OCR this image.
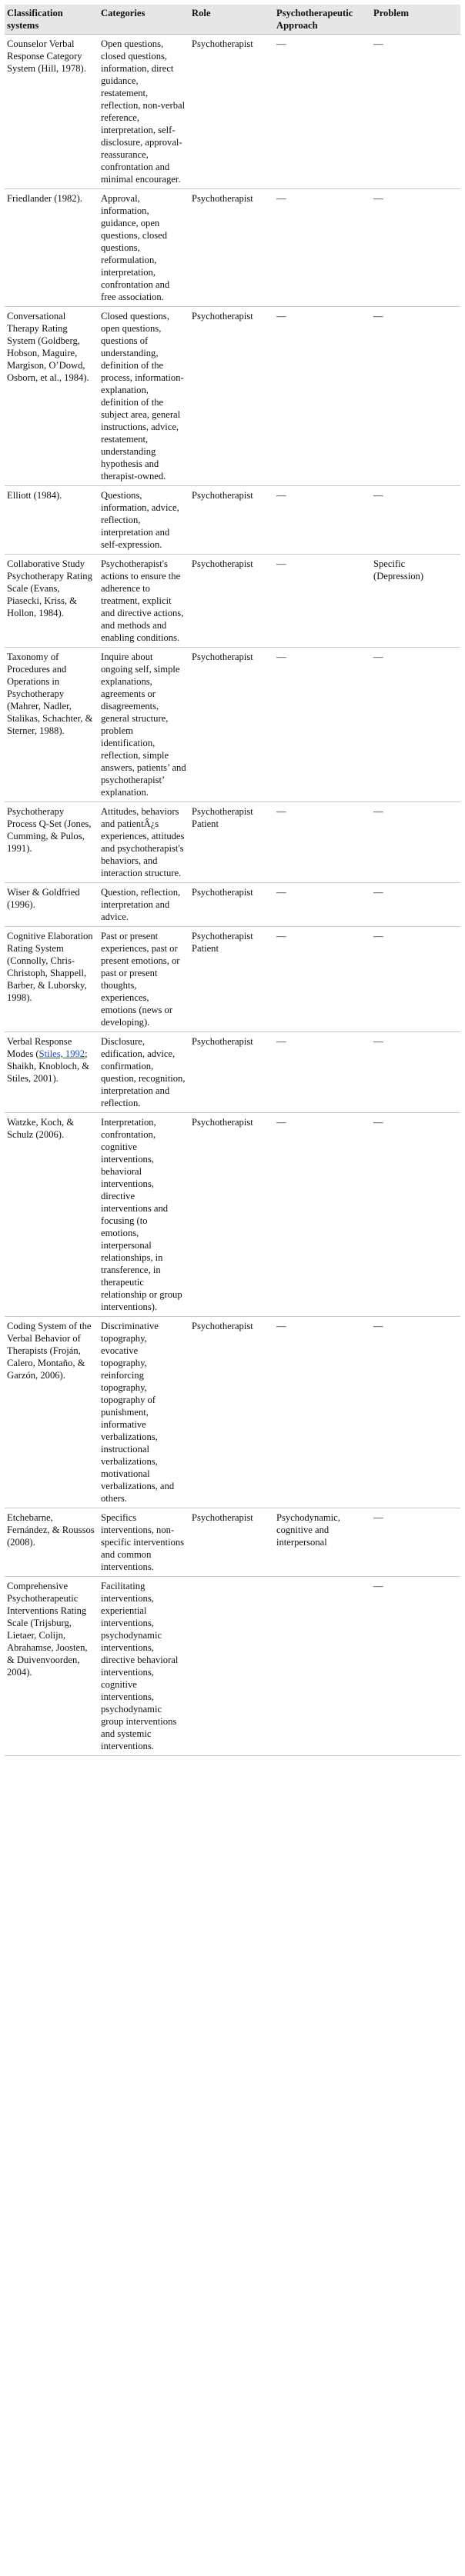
Classification systems	Categories	Role	Psychotherapeutic Approach	Problem
Counselor Verbal Response Category System (Hill, 1978).	Open questions, closed questions, information, direct guidance, restatement, reflection, non-verbal reference, interpretation, self-disclosure, approval-reassurance, confrontation and minimal encourager.	Psychotherapist	—	—
Friedlander (1982).	Approval, information, guidance, open questions, closed questions, reformulation, interpretation, confrontation and free association.	Psychotherapist	—	—
Conversational Therapy Rating System (Goldberg, Hobson, Maguire, Margison, O’Dowd, Osborn, et al., 1984).	Closed questions, open questions, questions of understanding, definition of the process, information-explanation, definition of the subject area, general instructions, advice, restatement, understanding hypothesis and therapist-owned.	Psychotherapist	—	—
Elliott (1984).	Questions, information, advice, reflection, interpretation and self-expression.	Psychotherapist	—	—
Collaborative Study Psychotherapy Rating Scale (Evans, Piasecki, Kriss, & Hollon, 1984).	Psychotherapist's actions to ensure the adherence to treatment, explicit and directive actions, and methods and enabling conditions.	Psychotherapist	—	Specific (Depression)
Taxonomy of Procedures and Operations in Psychotherapy (Mahrer, Nadler, Stalikas, Schachter, & Sterner, 1988).	Inquire about ongoing self, simple explanations, agreements or disagreements, general structure, problem identification, reflection, simple answers, patients’ and psychotherapist’ explanation.	Psychotherapist	—	—
Psychotherapy Process Q-Set (Jones, Cumming, & Pulos, 1991).	Attitudes, behaviors and patientÂ¿s experiences, attitudes and psychotherapist's behaviors, and interaction structure.	Psychotherapist Patient	—	—
Wiser & Goldfried (1996).	Question, reflection, interpretation and advice.	Psychotherapist	—	—
Cognitive Elaboration Rating System (Connolly, Chris-Christoph, Shappell, Barber, & Luborsky, 1998).	Past or present experiences, past or present emotions, or past or present thoughts, experiences, emotions (news or developing).	Psychotherapist Patient	—	—
Verbal Response Modes (Stiles, 1992; Shaikh, Knobloch, & Stiles, 2001).	Disclosure, edification, advice, confirmation, question, recognition, interpretation and reflection.	Psychotherapist	—	—
Watzke, Koch, & Schulz (2006).	Interpretation, confrontation, cognitive interventions, behavioral interventions, directive interventions and focusing (to emotions, interpersonal relationships, in transference, in therapeutic relationship or group interventions).	Psychotherapist	—	—
Coding System of the Verbal Behavior of Therapists (Froján, Calero, Montaño, & Garzón, 2006).	Discriminative topography, evocative topography, reinforcing topography, topography of punishment, informative verbalizations, instructional verbalizations, motivational verbalizations, and others.	Psychotherapist	—	—
Etchebarne, Fernández, & Roussos (2008).	Specifics interventions, non-specific interventions and common interventions.	Psychotherapist	Psychodynamic, cognitive and interpersonal	—
Comprehensive Psychotherapeutic Interventions Rating Scale (Trijsburg, Lietaer, Colijn, Abrahamse, Joosten, & Duivenvoorden, 2004).	Facilitating interventions, experiential interventions, psychodynamic interventions, directive behavioral interventions, cognitive interventions, psychodynamic group interventions and systemic interventions.			—
